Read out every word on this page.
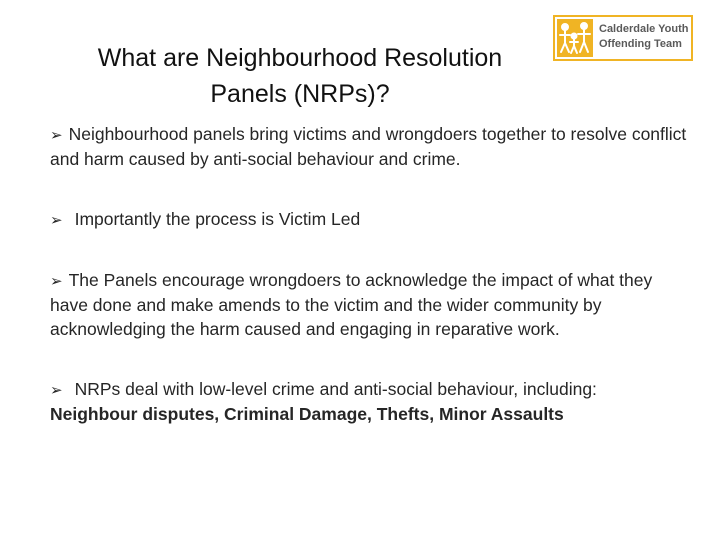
What are Neighbourhood Resolution
Panels (NRPs)?
Calderdale Youth
Offending Team

➢ Neighbourhood panels bring victims and wrongdoers together to resolve conflict and harm caused by anti-social behaviour and crime.

➢ Importantly the process is Victim Led

➢ The Panels encourage wrongdoers to acknowledge the impact of what they have done and make amends to the victim and the wider community by acknowledging the harm caused and engaging in reparative work.

➢ NRPs deal with low-level crime and anti-social behaviour, including:
Neighbour disputes, Criminal Damage, Thefts, Minor Assaults
